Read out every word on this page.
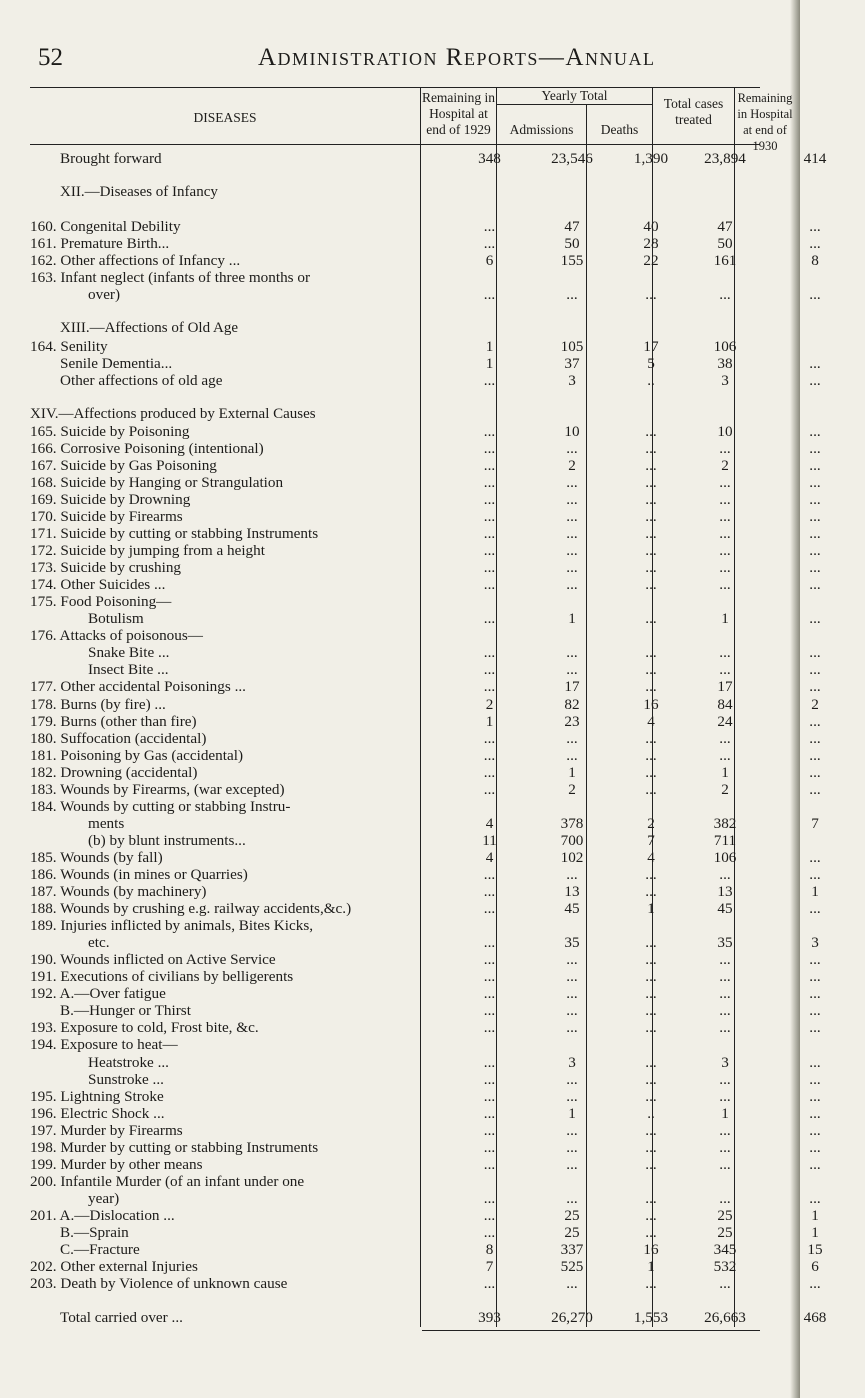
52	Administration Reports—Annual
DISEASES
Remaining in Hospital at end of 1929
Yearly Total
Admissions	Deaths
Total cases treated
Remaining in Hospital at end of 1930
Brought forward	348	23,546	1,390	23,894	414

XII.—Diseases of Infancy					

160. Congenital Debility	...	47	40	47	...
161. Premature Birth...	...	50	28	50	...
162. Other affections of Infancy ...	6	155	22	161	8
163. Infant neglect (infants of three months or					
over)	...	...	...	...	...

XIII.—Affections of Old Age					
164. Senility	1	105	17	106	
Senile Dementia...	1	37	5	38	...
Other affections of old age	...	3	..	3	...

XIV.—Affections produced by External Causes					
165. Suicide by Poisoning	...	10	...	10	...
166. Corrosive Poisoning (intentional)	...	...	...	...	...
167. Suicide by Gas Poisoning	...	2	...	2	...
168. Suicide by Hanging or Strangulation	...	...	...	...	...
169. Suicide by Drowning	...	...	...	...	...
170. Suicide by Firearms	...	...	...	...	...
171. Suicide by cutting or stabbing Instruments	...	...	...	...	...
172. Suicide by jumping from a height	...	...	...	...	...
173. Suicide by crushing	...	...	...	...	...
174. Other Suicides ...	...	...	...	...	...
175. Food Poisoning—					
Botulism	...	1	...	1	...
176. Attacks of poisonous—					
Snake Bite ...	...	...	...	...	...
Insect Bite ...	...	...	...	...	...
177. Other accidental Poisonings ...	...	17	...	17	...
178. Burns (by fire) ...	2	82	16	84	2
179. Burns (other than fire)	1	23	4	24	...
180. Suffocation (accidental)	...	...	...	...	...
181. Poisoning by Gas (accidental)	...	...	...	...	...
182. Drowning (accidental)	...	1	...	1	...
183. Wounds by Firearms, (war excepted)	...	2	...	2	...
184. Wounds by cutting or stabbing Instru-					
ments	4	378	2	382	7
(b) by blunt instruments...	11	700	7	711	
185. Wounds (by fall)	4	102	4	106	...
186. Wounds (in mines or Quarries)	...	...	...	...	...
187. Wounds (by machinery)	...	13	...	13	1
188. Wounds by crushing e.g. railway accidents,&c.)	...	45	1	45	...
189. Injuries inflicted by animals, Bites Kicks,					
etc.	...	35	...	35	3
190. Wounds inflicted on Active Service	...	...	...	...	...
191. Executions of civilians by belligerents	...	...	...	...	...
192. A.—Over fatigue	...	...	...	...	...
B.—Hunger or Thirst	...	...	...	...	...
193. Exposure to cold, Frost bite, &c.	...	...	...	...	...
194. Exposure to heat—					
Heatstroke ...	...	3	...	3	...
Sunstroke ...	...	...	...	...	...
195. Lightning Stroke	...	...	...	...	...
196. Electric Shock ...	...	1	..	1	...
197. Murder by Firearms	...	...	...	...	...
198. Murder by cutting or stabbing Instruments	...	...	...	...	...
199. Murder by other means	...	...	...	...	...
200. Infantile Murder (of an infant under one					
year)	...	...	...	...	...
201. A.—Dislocation ...	...	25	...	25	1
B.—Sprain	...	25	...	25	1
C.—Fracture	8	337	16	345	15
202. Other external Injuries	7	525	1	532	6
203. Death by Violence of unknown cause	...	...	...	...	...

Total carried over ...	393	26,270	1,553	26,663	468
